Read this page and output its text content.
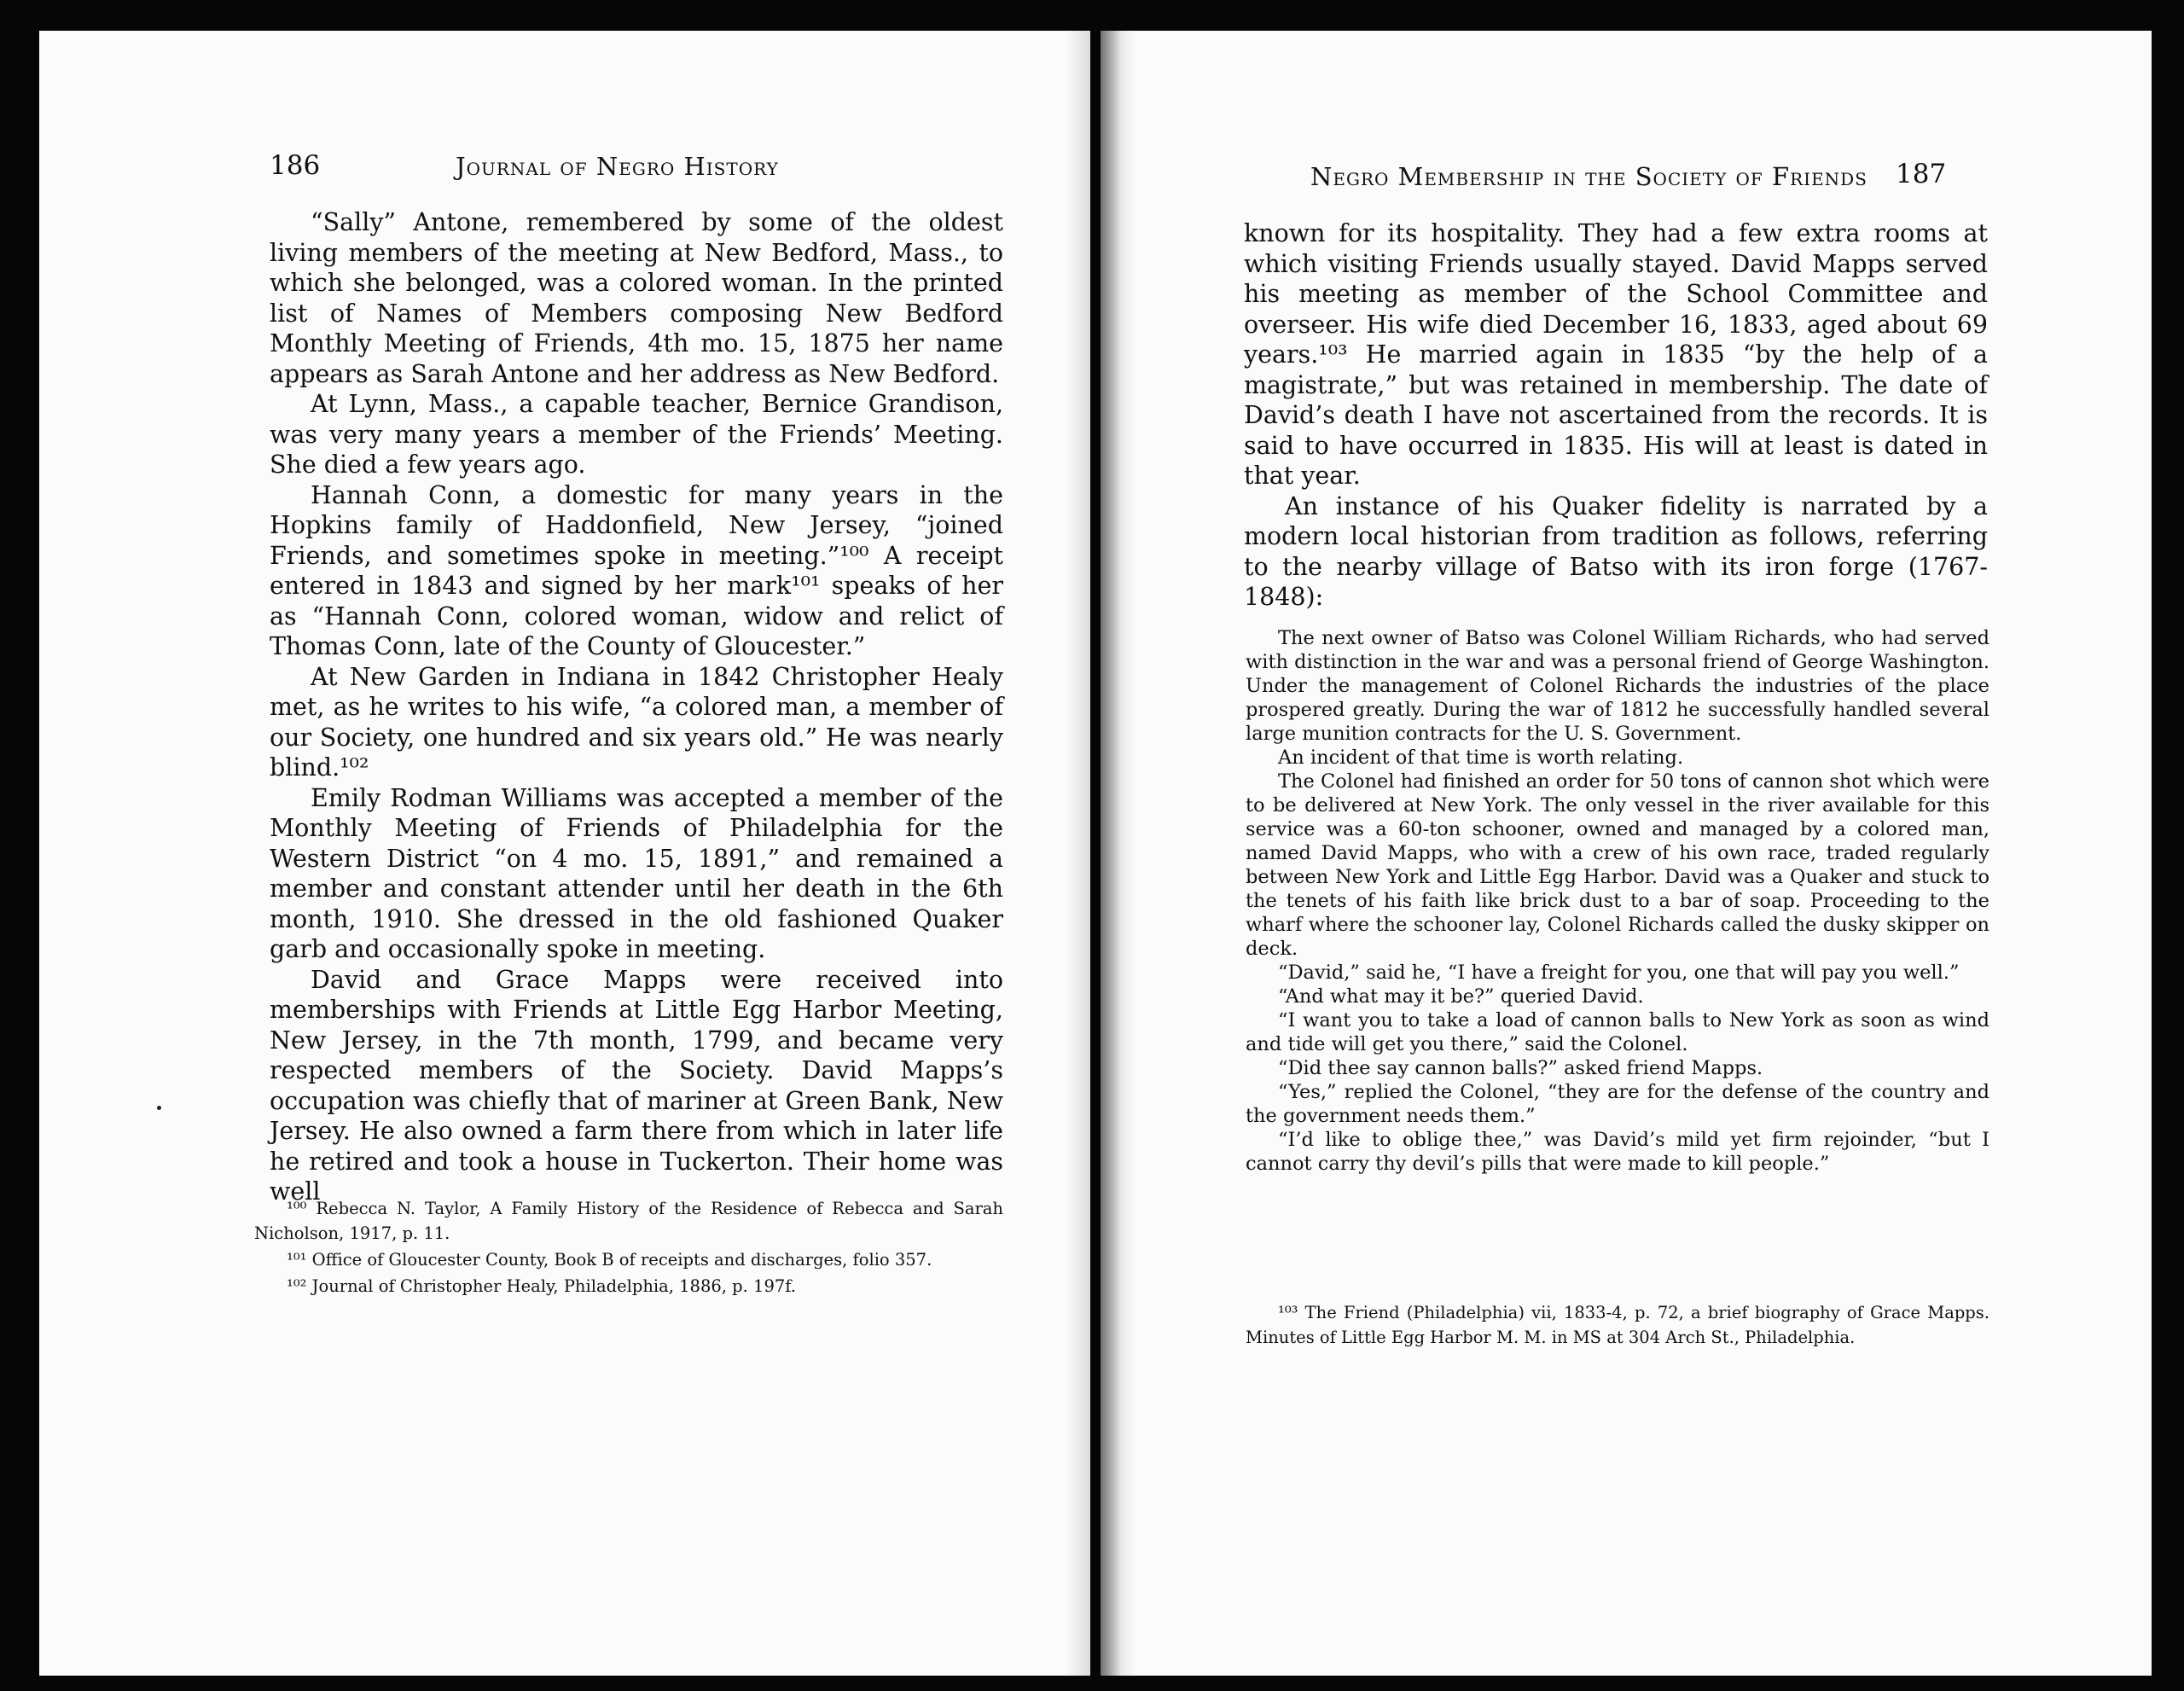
186	Journal of Negro History

“Sally” Antone, remembered by some of the oldest living members of the meeting at New Bedford, Mass., to which she belonged, was a colored woman. In the printed list of Names of Members composing New Bedford Monthly Meeting of Friends, 4th mo. 15, 1875 her name appears as Sarah Antone and her address as New Bedford.

At Lynn, Mass., a capable teacher, Bernice Grandison, was very many years a member of the Friends’ Meeting. She died a few years ago.

Hannah Conn, a domestic for many years in the Hopkins family of Haddonfield, New Jersey, “joined Friends, and sometimes spoke in meeting.”¹⁰⁰ A receipt entered in 1843 and signed by her mark¹⁰¹ speaks of her as “Hannah Conn, colored woman, widow and relict of Thomas Conn, late of the County of Gloucester.”

At New Garden in Indiana in 1842 Christopher Healy met, as he writes to his wife, “a colored man, a member of our Society, one hundred and six years old.” He was nearly blind.¹⁰²

Emily Rodman Williams was accepted a member of the Monthly Meeting of Friends of Philadelphia for the Western District “on 4 mo. 15, 1891,” and remained a member and constant attender until her death in the 6th month, 1910. She dressed in the old fashioned Quaker garb and occasionally spoke in meeting.

David and Grace Mapps were received into memberships with Friends at Little Egg Harbor Meeting, New Jersey, in the 7th month, 1799, and became very respected members of the Society. David Mapps’s occupation was chiefly that of mariner at Green Bank, New Jersey. He also owned a farm there from which in later life he retired and took a house in Tuckerton. Their home was well

¹⁰⁰ Rebecca N. Taylor, A Family History of the Residence of Rebecca and Sarah Nicholson, 1917, p. 11.

¹⁰¹ Office of Gloucester County, Book B of receipts and discharges, folio 357.

¹⁰² Journal of Christopher Healy, Philadelphia, 1886, p. 197f.

Negro Membership in the Society of Friends 187

known for its hospitality. They had a few extra rooms at which visiting Friends usually stayed. David Mapps served his meeting as member of the School Committee and overseer. His wife died December 16, 1833, aged about 69 years.¹⁰³ He married again in 1835 “by the help of a magistrate,” but was retained in membership. The date of David’s death I have not ascertained from the records. It is said to have occurred in 1835. His will at least is dated in that year.

An instance of his Quaker fidelity is narrated by a modern local historian from tradition as follows, referring to the nearby village of Batso with its iron forge (1767-1848):

The next owner of Batso was Colonel William Richards, who had served with distinction in the war and was a personal friend of George Washington. Under the management of Colonel Richards the industries of the place prospered greatly. During the war of 1812 he successfully handled several large munition contracts for the U. S. Government.

An incident of that time is worth relating.

The Colonel had finished an order for 50 tons of cannon shot which were to be delivered at New York. The only vessel in the river available for this service was a 60-ton schooner, owned and managed by a colored man, named David Mapps, who with a crew of his own race, traded regularly between New York and Little Egg Harbor. David was a Quaker and stuck to the tenets of his faith like brick dust to a bar of soap. Proceeding to the wharf where the schooner lay, Colonel Richards called the dusky skipper on deck.

“David,” said he, “I have a freight for you, one that will pay you well.”

“And what may it be?” queried David.

“I want you to take a load of cannon balls to New York as soon as wind and tide will get you there,” said the Colonel.

“Did thee say cannon balls?” asked friend Mapps.

“Yes,” replied the Colonel, “they are for the defense of the country and the government needs them.”

“I’d like to oblige thee,” was David’s mild yet firm rejoinder, “but I cannot carry thy devil’s pills that were made to kill people.”

¹⁰³ The Friend (Philadelphia) vii, 1833-4, p. 72, a brief biography of Grace Mapps. Minutes of Little Egg Harbor M. M. in MS at 304 Arch St., Philadelphia.
